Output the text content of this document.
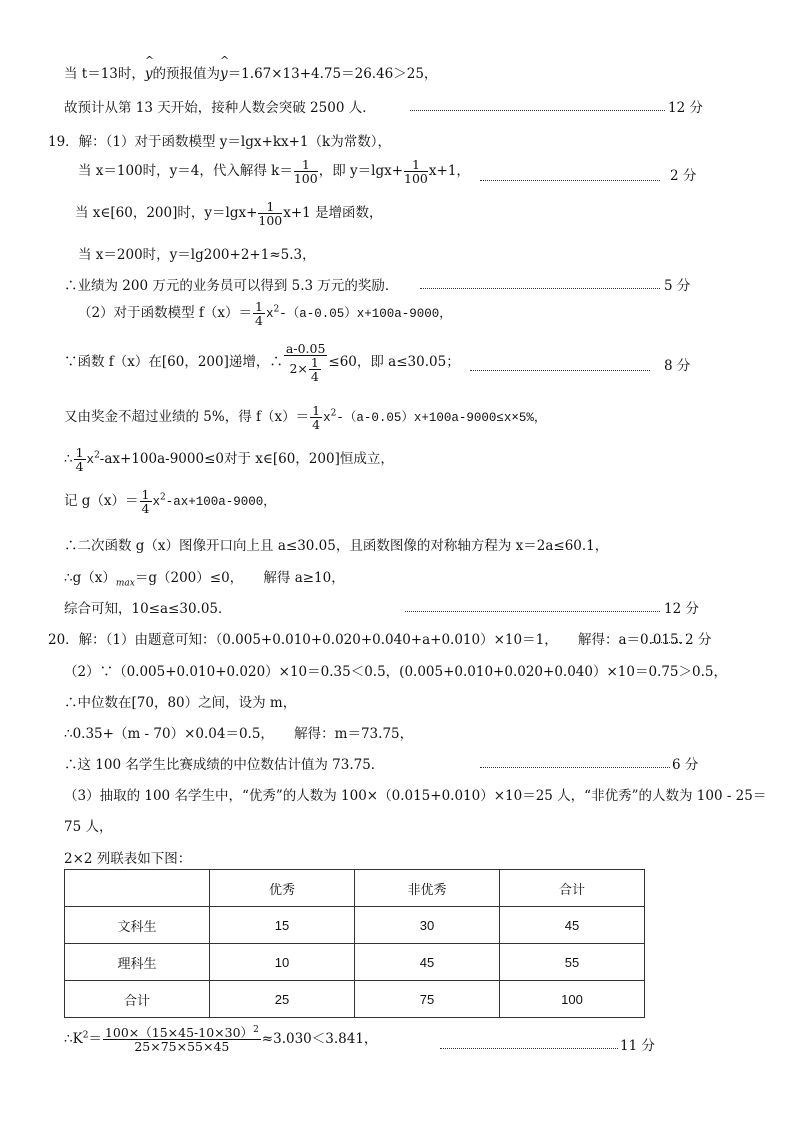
当 t＝13时，^ y的预报值为^ y＝1.67×13+4.75＝26.46＞25，
故预计从第 13 天开始，接种人数会突破 2500 人．	12 分
19．解：（1）对于函数模型 y＝lgx+kx+1（k为常数），
当 x＝100时，y＝4，代入解得 $k= \frac{1}{100}$ ，即 $y=\lg x+ \frac{1}{100} x+1$，	2 分
当 x∈[60，200]时，$y=\lg x+ \frac{1}{100} x+1$ 是增函数，
当 x＝200时，y＝lg200+2+1≈5.3，
∴业绩为 200 万元的业务员可以得到 5.3 万元的奖励．	5 分
（2）对于函数模型 $f(x)= \frac{1}{4} x^2-(a-0.05)x+100a-9000$，
∵函数 f（x）在[60，200]递增，∴ $\frac{a-0.05}{2\times \frac{1}{4}} \le 60$，即 a≤30.05；	8 分
又由奖金不超过业绩的 5%，得 $f(x)= \frac{1}{4} x^2-(a-0.05)x+100a-9000\le x\times 5\%$，
∴ $\frac{1}{4} x^2-ax+100a-9000\le 0$对于 x∈[60，200]恒成立，
记 $g(x)= \frac{1}{4} x^2-ax+100a-9000$，
∴二次函数 g（x）图像开口向上且 a≤30.05，且函数图像的对称轴方程为 x＝2a≤60.1，
$\therefore g(x)_{max}=g(200)\le 0$，　　解得 a≥10，
综合可知，10≤a≤30.05．	12 分
20．解：（1）由题意可知：（0.005+0.010+0.020+0.040+a+0.010）×10＝1，　　解得：a＝0.015．
2 分
（2）∵（0.005+0.010+0.020）×10＝0.35＜0.5，(0.005+0.010+0.020+0.040）×10＝0.75＞0.5，
∴中位数在[70，80）之间，设为 m，
∴0.35+（m - 70）×0.04＝0.5，　　解得：m＝73.75，
∴这 100 名学生比赛成绩的中位数估计值为 73.75．	6 分
（3）抽取的 100 名学生中，“优秀”的人数为 100×（0.015+0.010）×10＝25 人，“非优秀”的人数为 100 - 25＝
75 人，
2×2 列联表如下图：
	优秀	非优秀	合计
文科生	15	30	45
理科生	10	45	55
合计	25	75	100
$\therefore K^2= \frac{100\times(15\times 45-10\times 30)^2}{25\times 75\times 55\times 45} \approx 3.030<3.841$，	11 分
